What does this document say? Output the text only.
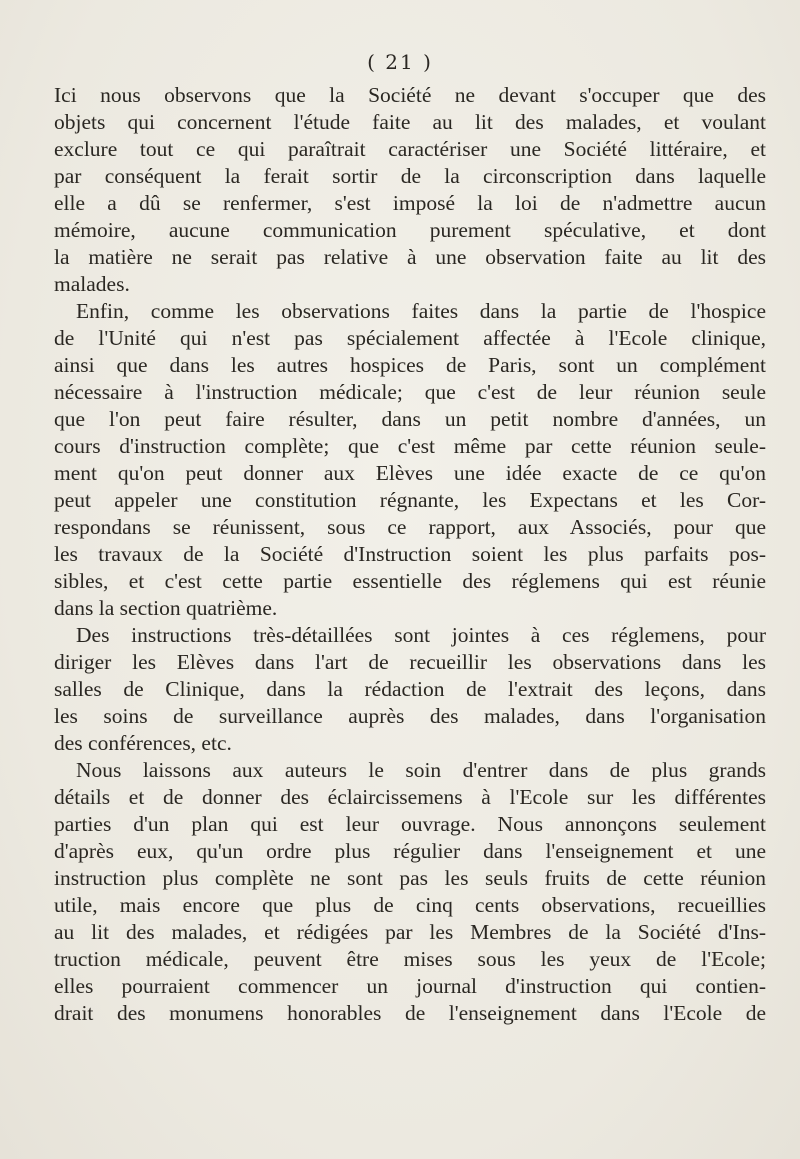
( 21 )
Ici nous observons que la Société ne devant s'occuper que des
objets qui concernent l'étude faite au lit des malades, et voulant
exclure tout ce qui paraîtrait caractériser une Société littéraire, et
par conséquent la ferait sortir de la circonscription dans laquelle
elle a dû se renfermer, s'est imposé la loi de n'admettre aucun
mémoire, aucune communication purement spéculative, et dont
la matière ne serait pas relative à une observation faite au lit des
malades.
Enfin, comme les observations faites dans la partie de l'hospice
de l'Unité qui n'est pas spécialement affectée à l'Ecole clinique,
ainsi que dans les autres hospices de Paris, sont un complément
nécessaire à l'instruction médicale; que c'est de leur réunion seule
que l'on peut faire résulter, dans un petit nombre d'années, un
cours d'instruction complète; que c'est même par cette réunion seule-
ment qu'on peut donner aux Elèves une idée exacte de ce qu'on
peut appeler une constitution régnante, les Expectans et les Cor-
respondans se réunissent, sous ce rapport, aux Associés, pour que
les travaux de la Société d'Instruction soient les plus parfaits pos-
sibles, et c'est cette partie essentielle des réglemens qui est réunie
dans la section quatrième.
Des instructions très-détaillées sont jointes à ces réglemens, pour
diriger les Elèves dans l'art de recueillir les observations dans les
salles de Clinique, dans la rédaction de l'extrait des leçons, dans
les soins de surveillance auprès des malades, dans l'organisation
des conférences, etc.
Nous laissons aux auteurs le soin d'entrer dans de plus grands
détails et de donner des éclaircissemens à l'Ecole sur les différentes
parties d'un plan qui est leur ouvrage. Nous annonçons seulement
d'après eux, qu'un ordre plus régulier dans l'enseignement et une
instruction plus complète ne sont pas les seuls fruits de cette réunion
utile, mais encore que plus de cinq cents observations, recueillies
au lit des malades, et rédigées par les Membres de la Société d'Ins-
truction médicale, peuvent être mises sous les yeux de l'Ecole;
elles pourraient commencer un journal d'instruction qui contien-
drait des monumens honorables de l'enseignement dans l'Ecole de
